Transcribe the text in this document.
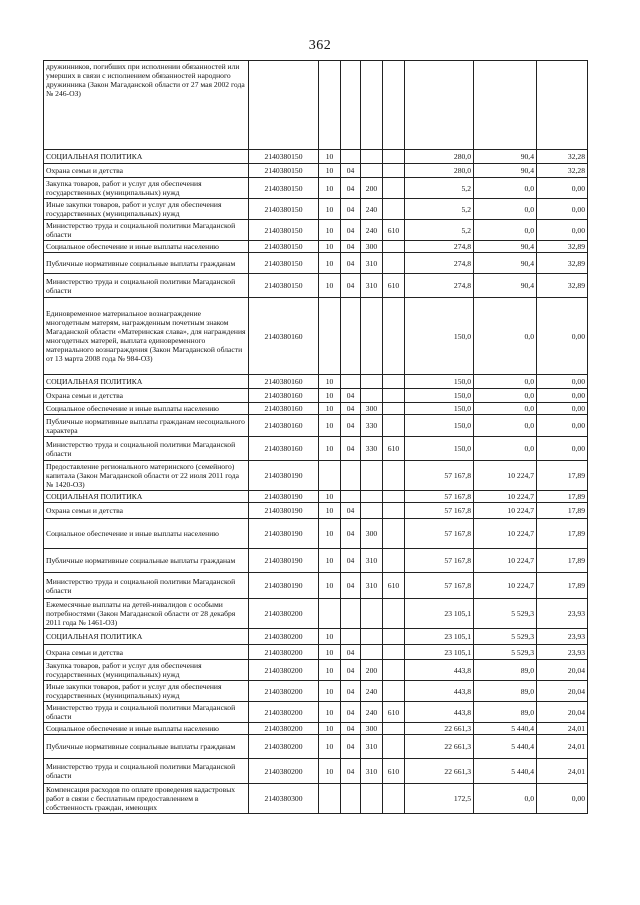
362
дружинников, погибших при исполнении обязанностей или умерших в связи с исполнением обязанностей народного дружинника (Закон Магаданской области от 27 мая 2002 года № 246-ОЗ)								
СОЦИАЛЬНАЯ ПОЛИТИКА	2140380150	10				280,0	90,4	32,28
Охрана семьи и детства	2140380150	10	04			280,0	90,4	32,28
Закупка товаров, работ и услуг для обеспечения государственных (муниципальных) нужд	2140380150	10	04	200		5,2	0,0	0,00
Иные закупки товаров, работ и услуг для обеспечения государственных (муниципальных) нужд	2140380150	10	04	240		5,2	0,0	0,00
Министерство труда и социальной политики Магаданской области	2140380150	10	04	240	610	5,2	0,0	0,00
Социальное обеспечение и иные выплаты населению	2140380150	10	04	300		274,8	90,4	32,89
Публичные нормативные социальные выплаты гражданам	2140380150	10	04	310		274,8	90,4	32,89
Министерство труда и социальной политики Магаданской области	2140380150	10	04	310	610	274,8	90,4	32,89
Единовременное материальное вознаграждение многодетным матерям, награжденным почетным знаком Магаданской области «Материнская слава», для награждения многодетных матерей, выплата единовременного материального вознаграждения (Закон Магаданской области от 13 марта 2008 года № 984-ОЗ)	2140380160					150,0	0,0	0,00
СОЦИАЛЬНАЯ ПОЛИТИКА	2140380160	10				150,0	0,0	0,00
Охрана семьи и детства	2140380160	10	04			150,0	0,0	0,00
Социальное обеспечение и иные выплаты населению	2140380160	10	04	300		150,0	0,0	0,00
Публичные нормативные выплаты гражданам несоциального характера	2140380160	10	04	330		150,0	0,0	0,00
Министерство труда и социальной политики Магаданской области	2140380160	10	04	330	610	150,0	0,0	0,00
Предоставление регионального материнского (семейного) капитала (Закон Магаданской области от 22 июля 2011 года № 1420-ОЗ)	2140380190					57 167,8	10 224,7	17,89
СОЦИАЛЬНАЯ ПОЛИТИКА	2140380190	10				57 167,8	10 224,7	17,89
Охрана семьи и детства	2140380190	10	04			57 167,8	10 224,7	17,89
Социальное обеспечение и иные выплаты населению	2140380190	10	04	300		57 167,8	10 224,7	17,89
Публичные нормативные социальные выплаты гражданам	2140380190	10	04	310		57 167,8	10 224,7	17,89
Министерство труда и социальной политики Магаданской области	2140380190	10	04	310	610	57 167,8	10 224,7	17,89
Ежемесячные выплаты на детей-инвалидов с особыми потребностями (Закон Магаданской области от 28 декабря 2011 года № 1461-ОЗ)	2140380200					23 105,1	5 529,3	23,93
СОЦИАЛЬНАЯ ПОЛИТИКА	2140380200	10				23 105,1	5 529,3	23,93
Охрана семьи и детства	2140380200	10	04			23 105,1	5 529,3	23,93
Закупка товаров, работ и услуг для обеспечения государственных (муниципальных) нужд	2140380200	10	04	200		443,8	89,0	20,04
Иные закупки товаров, работ и услуг для обеспечения государственных (муниципальных) нужд	2140380200	10	04	240		443,8	89,0	20,04
Министерство труда и социальной политики Магаданской области	2140380200	10	04	240	610	443,8	89,0	20,04
Социальное обеспечение и иные выплаты населению	2140380200	10	04	300		22 661,3	5 440,4	24,01
Публичные нормативные социальные выплаты гражданам	2140380200	10	04	310		22 661,3	5 440,4	24,01
Министерство труда и социальной политики Магаданской области	2140380200	10	04	310	610	22 661,3	5 440,4	24,01
Компенсация расходов по оплате проведения кадастровых работ в связи с бесплатным предоставлением в собственность граждан, имеющих	2140380300					172,5	0,0	0,00
